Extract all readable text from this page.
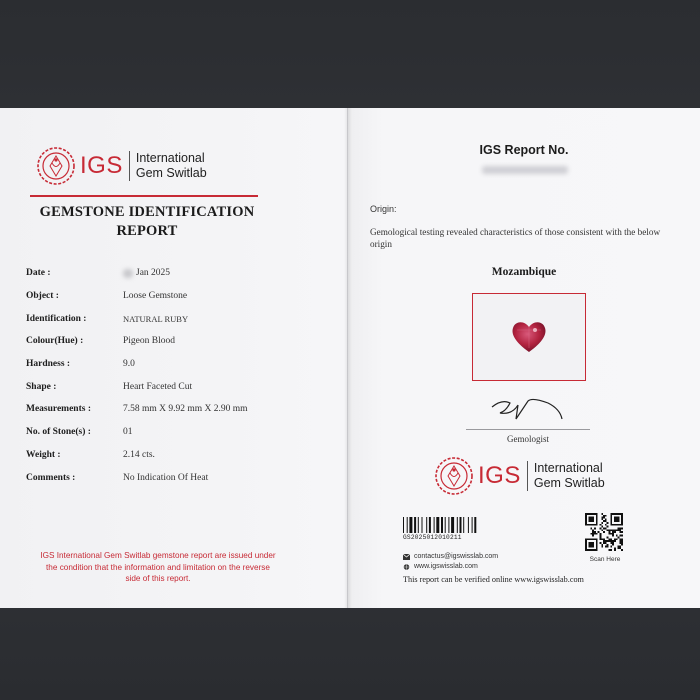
IGS International
Gem Switlab
GEMSTONE IDENTIFICATION
REPORT
Date :	Jan 2025
Object :	Loose Gemstone
Identification :	NATURAL RUBY
Colour(Hue) :	Pigeon Blood
Hardness :	9.0
Shape :	Heart Faceted Cut
Measurements :	7.58 mm X 9.92 mm X 2.90 mm
No. of Stone(s) :	01
Weight :	2.14 cts.
Comments :	No Indication Of Heat
IGS International Gem Switlab gemstone report are issued under
the condition that the information and limitation on the reverse
side of this report.
IGS Report No.
Origin:
Gemological testing revealed characteristics of those consistent with the below origin
Mozambique
Gemologist
IGS International
Gem Switlab
GS2025012010211
contactus@igswisslab.com
www.igswisslab.com
This report can be verified online www.igswisslab.com
Scan Here
